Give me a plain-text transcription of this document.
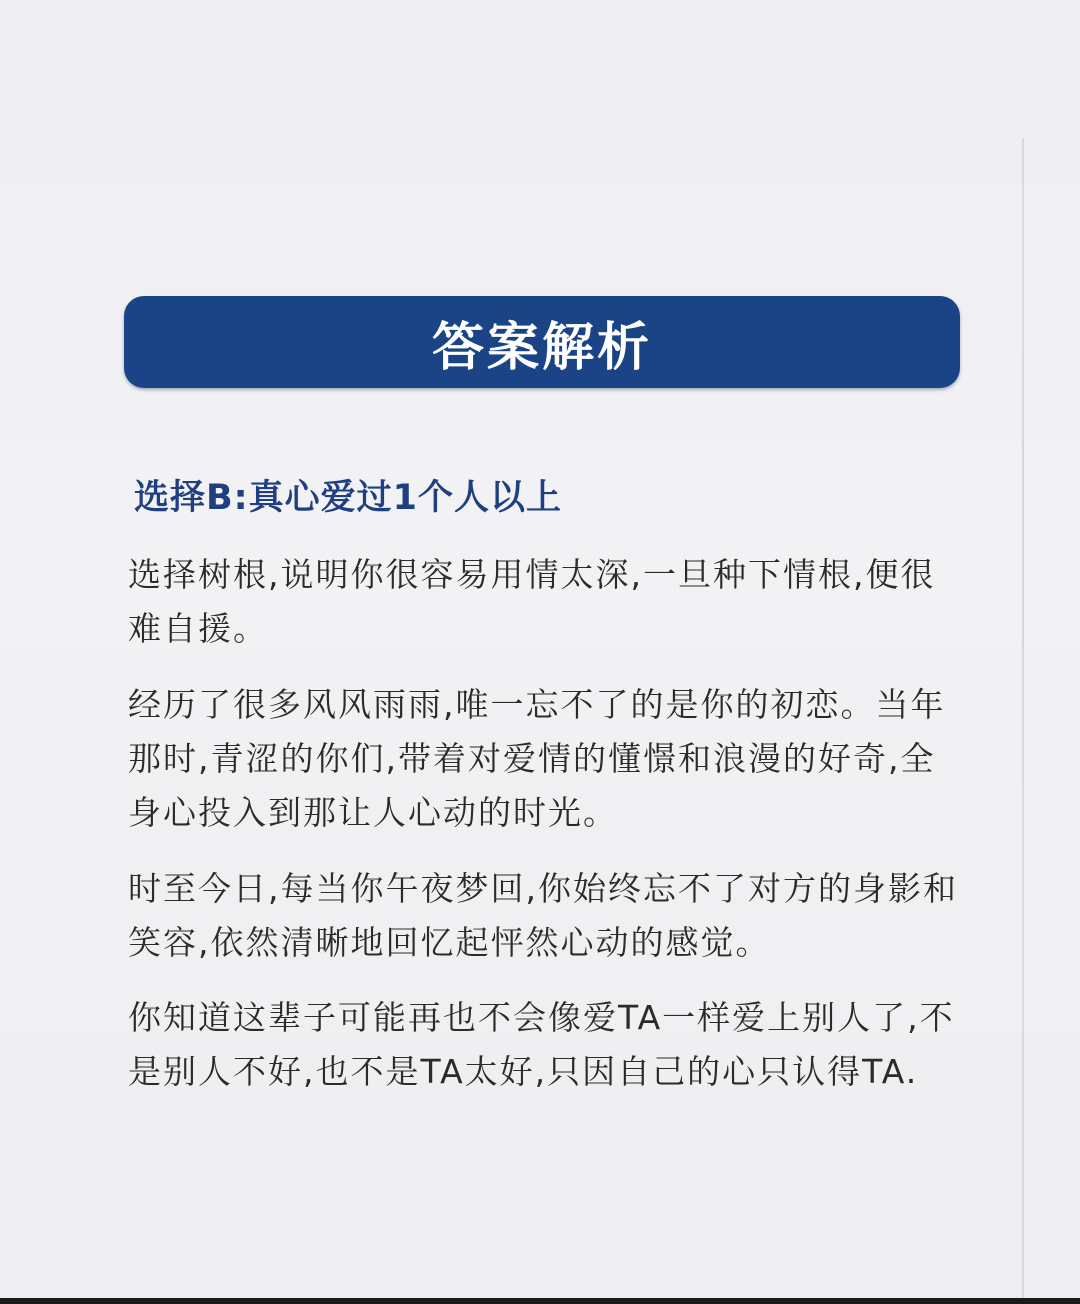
答案解析
选择B:真心爱过1个人以上
选择树根,说明你很容易用情太深,一旦种下情根,便很难自援。
经历了很多风风雨雨,唯一忘不了的是你的初恋。当年那时,青涩的你们,带着对爱情的懂憬和浪漫的好奇,全身心投入到那让人心动的时光。
时至今日,每当你午夜梦回,你始终忘不了对方的身影和笑容,依然清晰地回忆起怦然心动的感觉。
你知道这辈子可能再也不会像爱TA一样爱上别人了,不是别人不好,也不是TA太好,只因自己的心只认得TA.
